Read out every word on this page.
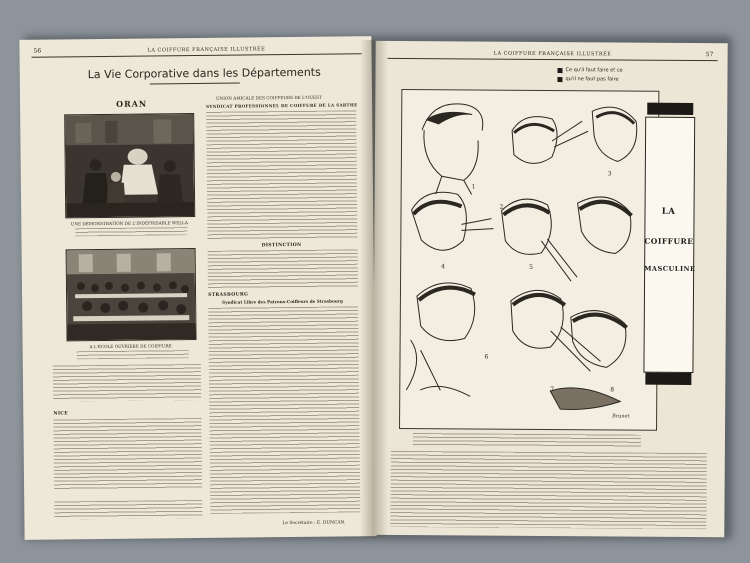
56	LA COIFFURE FRANÇAISE ILLUSTRÉE
La Vie Corporative dans les Départements
ORAN
UNE DÉMONSTRATION DE L'INDÉFRISABLE WELLA
A L'ÉCOLE OUVRIÈRE DE COIFFURE
NICE
UNION AMICALE DES COIFFEURS DE L'OUEST
SYNDICAT PROFESSIONNEL DE COIFFURE DE LA SARTHE
DISTINCTION
STRASBOURG
Syndicat Libre des Patrons-Coiffeurs de Strasbourg
Le Secrétaire : E. DUNCAN.
LA COIFFURE FRANÇAISE ILLUSTRÉE	57
Ce qu'il faut faire et ce
qu'il ne faut pas faire
1
2
3
4	5
6
7	8
Brunet
LA
COIFFURE
MASCULINE
